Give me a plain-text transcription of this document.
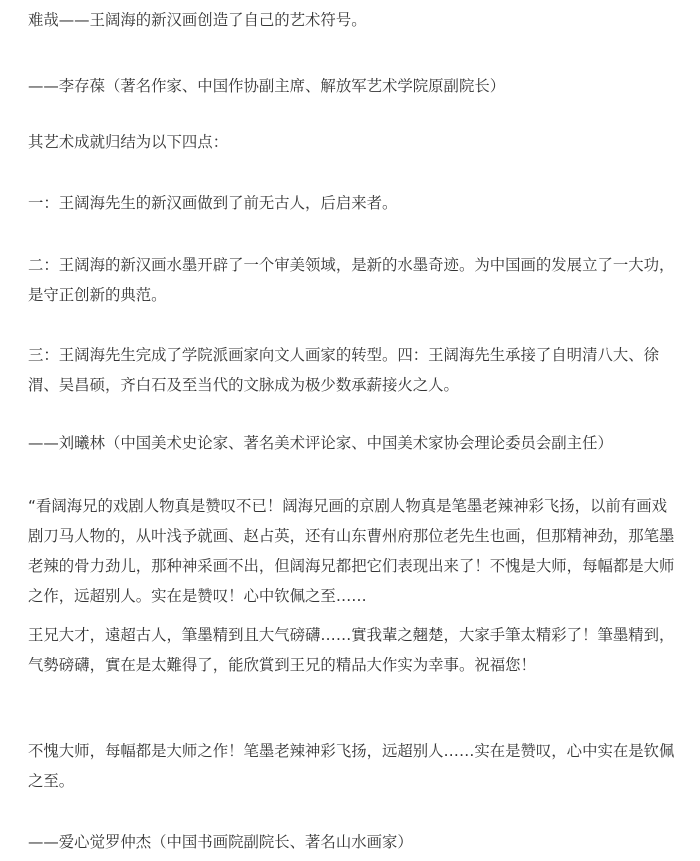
难哉——王阔海的新汉画创造了自己的艺术符号。

——李存葆（著名作家、中国作协副主席、解放军艺术学院原副院长）

其艺术成就归结为以下四点：

一：王阔海先生的新汉画做到了前无古人，后启来者。

二：王阔海的新汉画水墨开辟了一个审美领域，是新的水墨奇迹。为中国画的发展立了一大功，是守正创新的典范。

三：王阔海先生完成了学院派画家向文人画家的转型。四：王阔海先生承接了自明清八大、徐渭、吴昌硕，齐白石及至当代的文脉成为极少数承薪接火之人。

——刘曦林（中国美术史论家、著名美术评论家、中国美术家协会理论委员会副主任）

“看阔海兄的戏剧人物真是赞叹不已！阔海兄画的京剧人物真是笔墨老辣神彩飞扬，以前有画戏剧刀马人物的，从叶浅予就画、赵占英，还有山东曹州府那位老先生也画，但那精神劲，那笔墨老辣的骨力劲儿，那种神采画不出，但阔海兄都把它们表现出来了！不愧是大师，每幅都是大师之作，远超别人。实在是赞叹！心中钦佩之至……

王兄大才，遠超古人，筆墨精到且大气磅礴……實我輩之翹楚，大家手筆太精彩了！筆墨精到，气勢磅礴，實在是太難得了，能欣賞到王兄的精品大作实为幸事。祝福您！

不愧大师，每幅都是大师之作！笔墨老辣神彩飞扬，远超别人……实在是赞叹，心中实在是钦佩之至。

——爱心觉罗仲杰（中国书画院副院长、著名山水画家）
